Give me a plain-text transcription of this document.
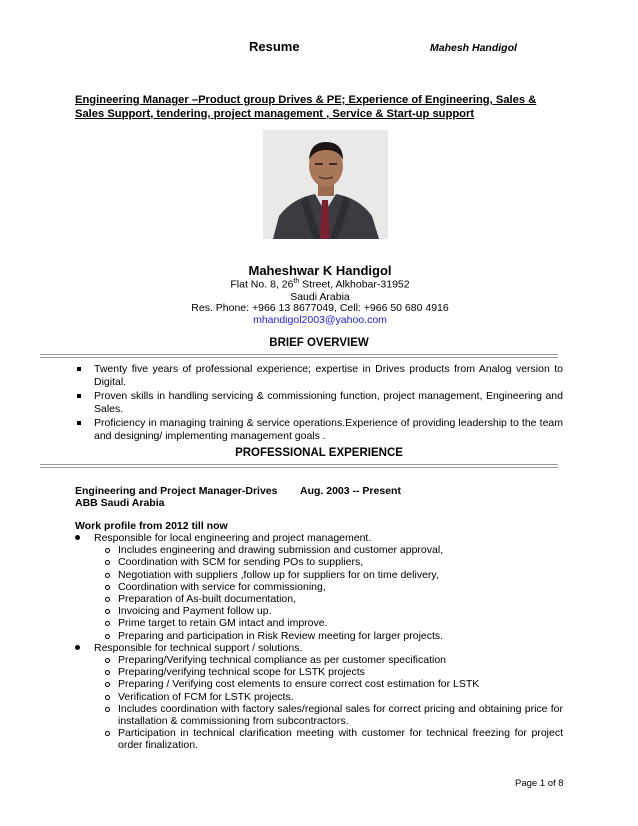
Resume	Mahesh Handigol
Engineering Manager –Product group Drives & PE; Experience of Engineering, Sales & Sales Support, tendering, project management , Service & Start-up support
Maheshwar K Handigol
Flat No. 8, 26th Street, Alkhobar-31952
Saudi Arabia
Res. Phone: +966 13 8677049, Cell: +966 50 680 4916
mhandigol2003@yahoo.com
BRIEF OVERVIEW
Twenty five years of professional experience; expertise in Drives products from Analog version to Digital.
Proven skills in handling servicing & commissioning function, project management, Engineering and Sales.
Proficiency in managing training & service operations.Experience of providing leadership to the team and designing/ implementing management goals .
PROFESSIONAL EXPERIENCE
Engineering and Project Manager-Drives Aug. 2003 -- Present
ABB Saudi Arabia
Work profile from 2012 till now
Responsible for local engineering and project management.
Includes engineering and drawing submission and customer approval,
Coordination with SCM for sending POs to suppliers,
Negotiation with suppliers ,follow up for suppliers for on time delivery,
Coordination with service for commissioning,
Preparation of As-built documentation,
Invoicing and Payment follow up.
Prime target to retain GM intact and improve.
Preparing and participation in Risk Review meeting for larger projects.
Responsible for technical support / solutions.
Preparing/Verifying technical compliance as per customer specification
Preparing/verifying technical scope for LSTK projects
Preparing / Verifying cost elements to ensure correct cost estimation for LSTK
Verification of FCM for LSTK projects.
Includes coordination with factory sales/regional sales for correct pricing and obtaining price for installation & commissioning from subcontractors.
Participation in technical clarification meeting with customer for technical freezing for project order finalization.
Page 1 of 8
